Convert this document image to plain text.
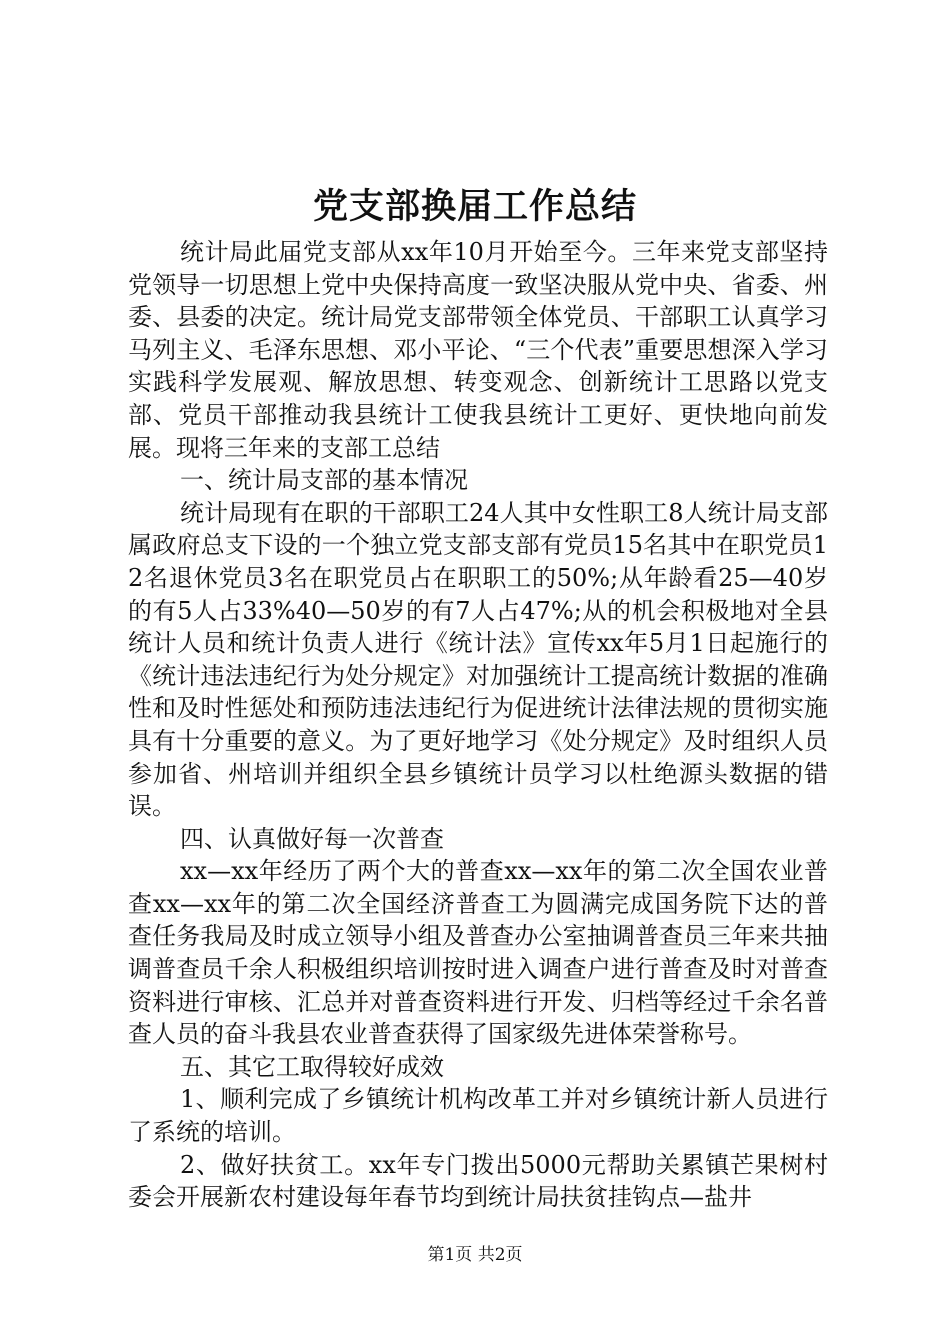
党支部换届工作总结

统计局此届党支部从xx年10月开始至今。三年来党支部坚持党领导一切思想上党中央保持高度一致坚决服从党中央、省委、州委、县委的决定。统计局党支部带领全体党员、干部职工认真学习马列主义、毛泽东思想、邓小平论、“三个代表”重要思想深入学习实践科学发展观、解放思想、转变观念、创新统计工思路以党支部、党员干部推动我县统计工使我县统计工更好、更快地向前发展。现将三年来的支部工总结

一、统计局支部的基本情况

统计局现有在职的干部职工24人其中女性职工8人统计局支部属政府总支下设的一个独立党支部支部有党员15名其中在职党员12名退休党员3名在职党员占在职职工的50%;从年龄看25—40岁的有5人占33%40—50岁的有7人占47%;从的机会积极地对全县统计人员和统计负责人进行《统计法》宣传xx年5月1日起施行的《统计违法违纪行为处分规定》对加强统计工提高统计数据的准确性和及时性惩处和预防违法违纪行为促进统计法律法规的贯彻实施具有十分重要的意义。为了更好地学习《处分规定》及时组织人员参加省、州培训并组织全县乡镇统计员学习以杜绝源头数据的错误。

四、认真做好每一次普查

xx—xx年经历了两个大的普查xx—xx年的第二次全国农业普查xx—xx年的第二次全国经济普查工为圆满完成国务院下达的普查任务我局及时成立领导小组及普查办公室抽调普查员三年来共抽调普查员千余人积极组织培训按时进入调查户进行普查及时对普查资料进行审核、汇总并对普查资料进行开发、归档等经过千余名普查人员的奋斗我县农业普查获得了国家级先进体荣誉称号。

五、其它工取得较好成效

1、顺利完成了乡镇统计机构改革工并对乡镇统计新人员进行了系统的培训。

2、做好扶贫工。xx年专门拨出5000元帮助关累镇芒果树村委会开展新农村建设每年春节均到统计局扶贫挂钩点—盐井

第1页 共2页
